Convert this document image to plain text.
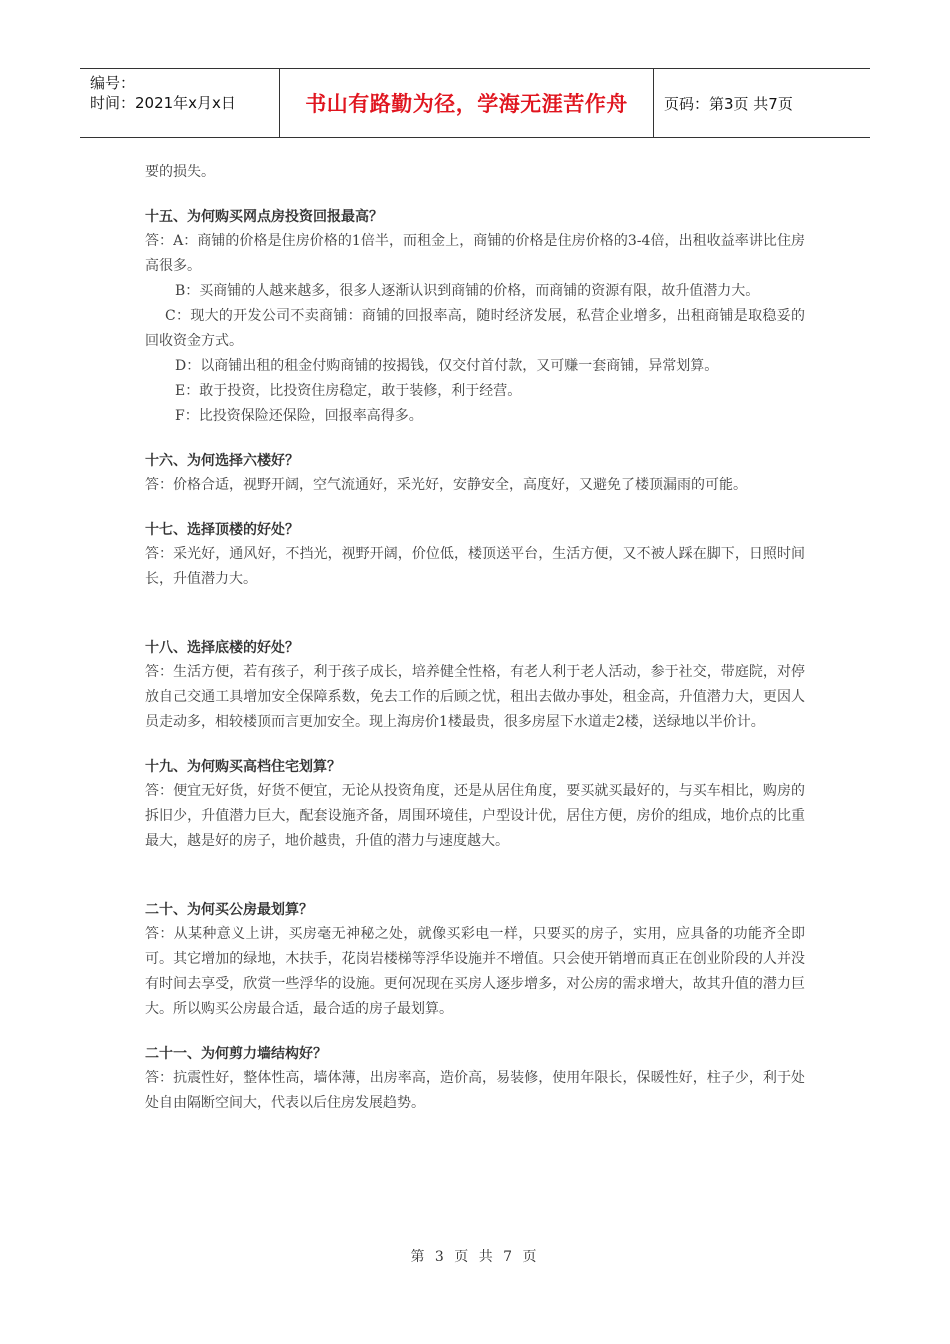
编号：
时间：2021年x月x日	书山有路勤为径，学海无涯苦作舟	页码：第3页 共7页

要的损失。

十五、为何购买网点房投资回报最高？

答：A：商铺的价格是住房价格的1倍半，而租金上，商铺的价格是住房价格的3-4倍，出租收益率讲比住房高很多。

B：买商铺的人越来越多，很多人逐渐认识到商铺的价格，而商铺的资源有限，故升值潜力大。

C：现大的开发公司不卖商铺：商铺的回报率高，随时经济发展，私营企业增多，出租商铺是取稳妥的回收资金方式。

D：以商铺出租的租金付购商铺的按揭钱，仅交付首付款，又可赚一套商铺，异常划算。

E：敢于投资，比投资住房稳定，敢于装修，利于经营。

F：比投资保险还保险，回报率高得多。

十六、为何选择六楼好？

答：价格合适，视野开阔，空气流通好，采光好，安静安全，高度好，又避免了楼顶漏雨的可能。

十七、选择顶楼的好处？

答：采光好，通风好，不挡光，视野开阔，价位低，楼顶送平台，生活方便，又不被人踩在脚下，日照时间长，升值潜力大。

十八、选择底楼的好处？

答：生活方便，若有孩子，利于孩子成长，培养健全性格，有老人利于老人活动，参于社交，带庭院，对停放自己交通工具增加安全保障系数，免去工作的后顾之忧，租出去做办事处，租金高，升值潜力大，更因人员走动多，相较楼顶而言更加安全。现上海房价1楼最贵，很多房屋下水道走2楼，送绿地以半价计。

十九、为何购买高档住宅划算？

答：便宜无好货，好货不便宜，无论从投资角度，还是从居住角度，要买就买最好的，与买车相比，购房的拆旧少，升值潜力巨大，配套设施齐备，周围环境佳，户型设计优，居住方便，房价的组成，地价点的比重最大，越是好的房子，地价越贵，升值的潜力与速度越大。

二十、为何买公房最划算？

答：从某种意义上讲，买房毫无神秘之处，就像买彩电一样，只要买的房子，实用，应具备的功能齐全即可。其它增加的绿地，木扶手，花岗岩楼梯等浮华设施并不增值。只会使开销增而真正在创业阶段的人并没有时间去享受，欣赏一些浮华的设施。更何况现在买房人逐步增多，对公房的需求增大，故其升值的潜力巨大。所以购买公房最合适，最合适的房子最划算。

二十一、为何剪力墙结构好？

答：抗震性好，整体性高，墙体薄，出房率高，造价高，易装修，使用年限长，保暖性好，柱子少，利于处处自由隔断空间大，代表以后住房发展趋势。

第 3 页 共 7 页
